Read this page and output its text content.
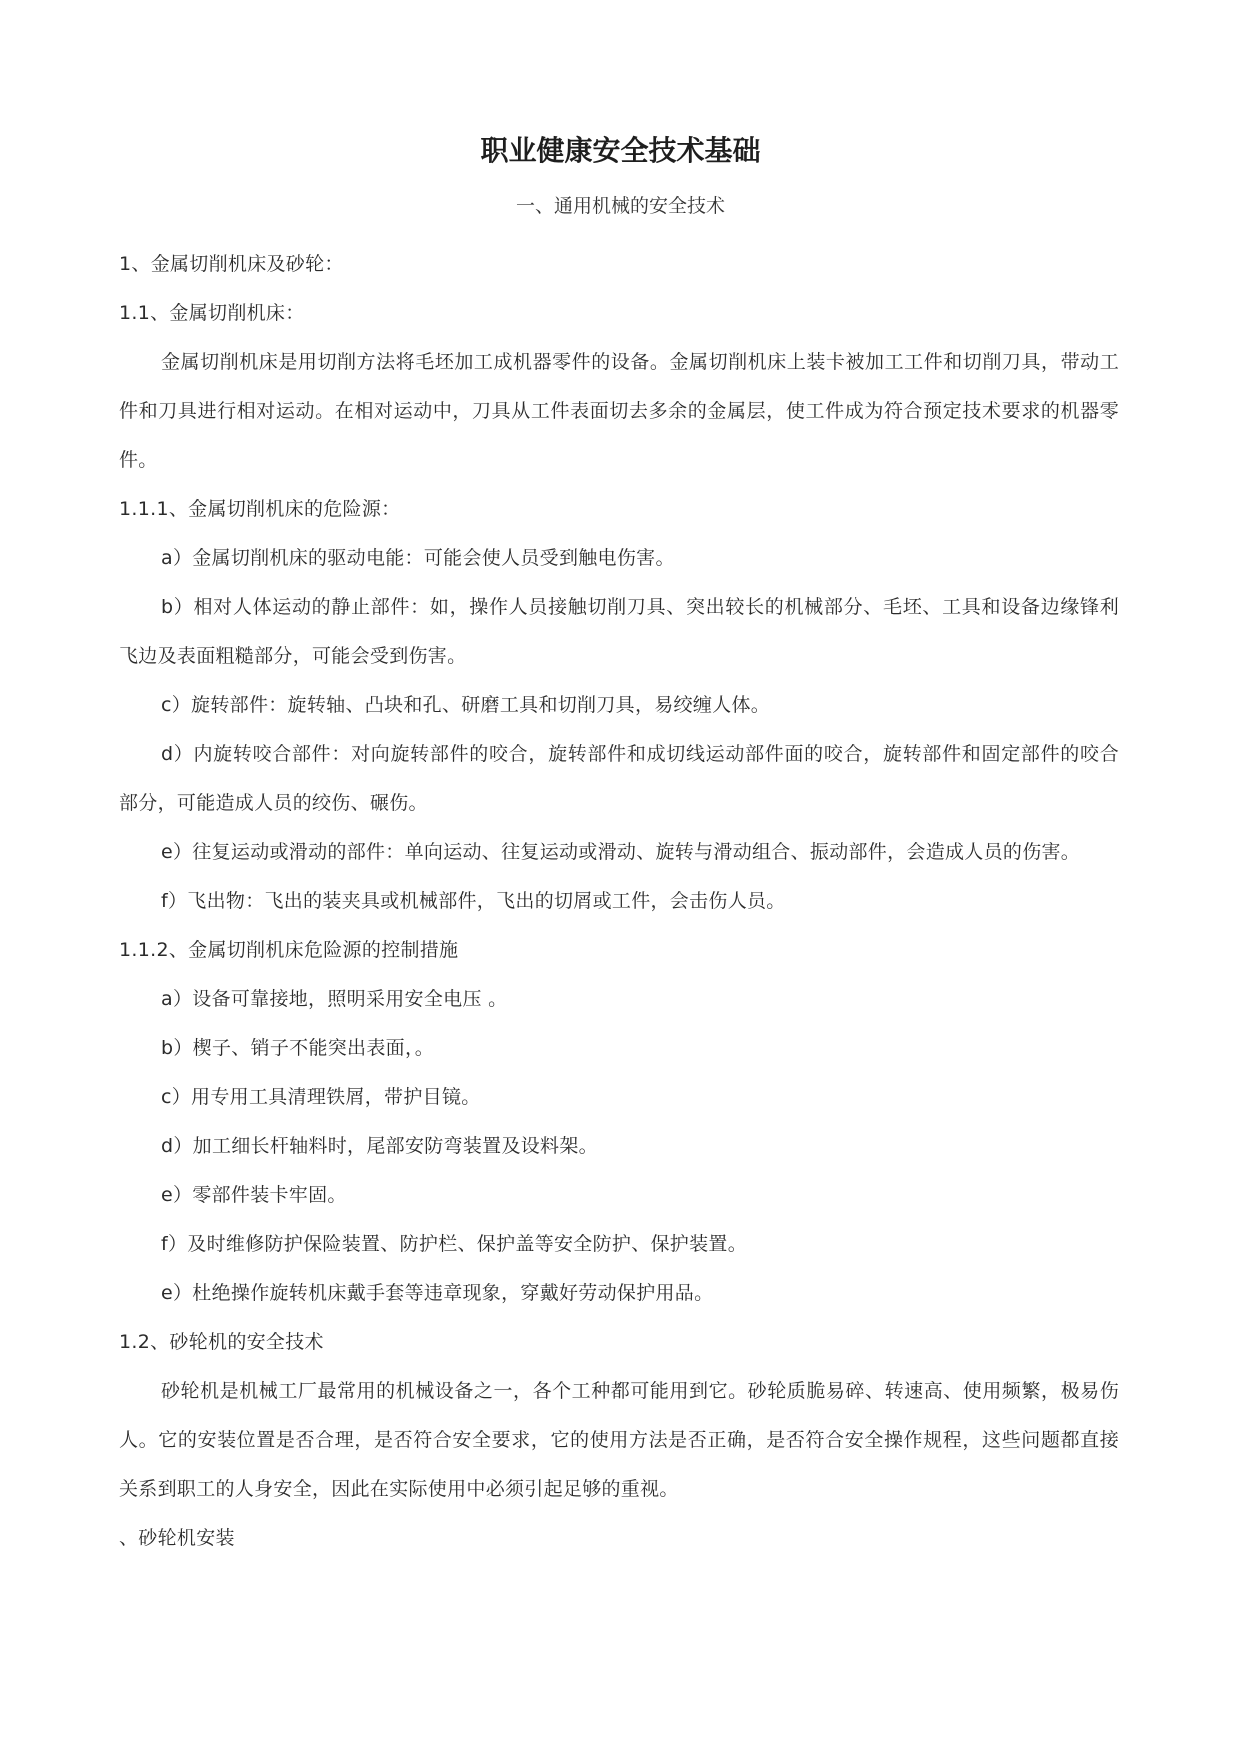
职业健康安全技术基础
一、通用机械的安全技术

1、金属切削机床及砂轮：

1.1、金属切削机床：

金属切削机床是用切削方法将毛坯加工成机器零件的设备。金属切削机床上装卡被加工工件和切削刀具，带动工件和刀具进行相对运动。在相对运动中，刀具从工件表面切去多余的金属层，使工件成为符合预定技术要求的机器零件。

1.1.1、金属切削机床的危险源：

a）金属切削机床的驱动电能：可能会使人员受到触电伤害。

b）相对人体运动的静止部件：如，操作人员接触切削刀具、突出较长的机械部分、毛坯、工具和设备边缘锋利飞边及表面粗糙部分，可能会受到伤害。

c）旋转部件：旋转轴、凸块和孔、研磨工具和切削刀具，易绞缠人体。

d）内旋转咬合部件：对向旋转部件的咬合，旋转部件和成切线运动部件面的咬合，旋转部件和固定部件的咬合部分，可能造成人员的绞伤、碾伤。

e）往复运动或滑动的部件：单向运动、往复运动或滑动、旋转与滑动组合、振动部件，会造成人员的伤害。

f）飞出物：飞出的装夹具或机械部件，飞出的切屑或工件，会击伤人员。

1.1.2、金属切削机床危险源的控制措施

a）设备可靠接地，照明采用安全电压 。

b）楔子、销子不能突出表面，。

c）用专用工具清理铁屑，带护目镜。

d）加工细长杆轴料时，尾部安防弯装置及设料架。

e）零部件装卡牢固。

f）及时维修防护保险装置、防护栏、保护盖等安全防护、保护装置。

e）杜绝操作旋转机床戴手套等违章现象，穿戴好劳动保护用品。

1.2、砂轮机的安全技术

砂轮机是机械工厂最常用的机械设备之一，各个工种都可能用到它。砂轮质脆易碎、转速高、使用频繁，极易伤人。它的安装位置是否合理，是否符合安全要求，它的使用方法是否正确，是否符合安全操作规程，这些问题都直接关系到职工的人身安全，因此在实际使用中必须引起足够的重视。

、砂轮机安装
